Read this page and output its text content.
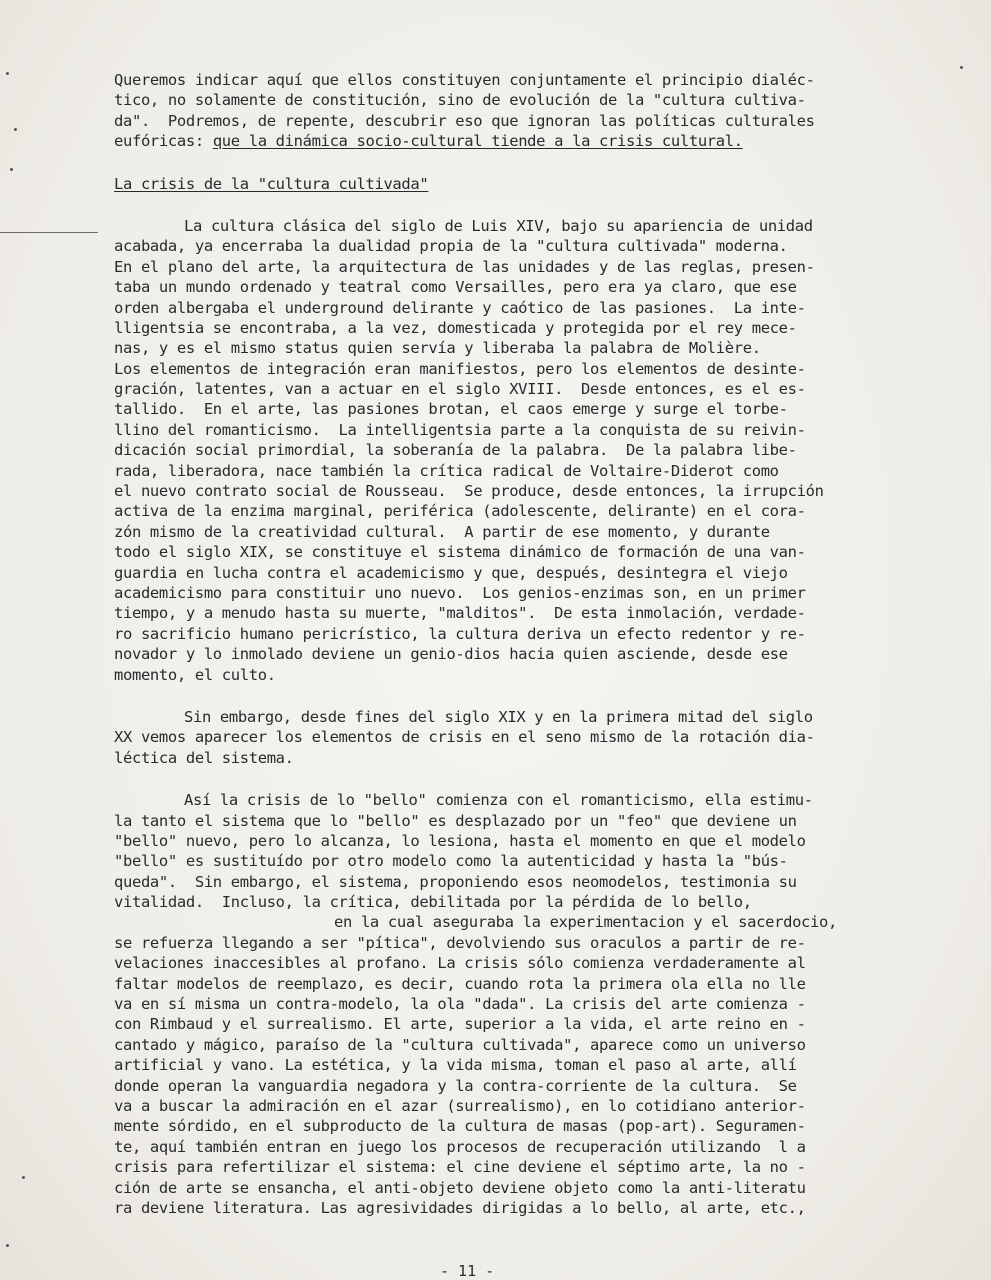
Queremos indicar aquí que ellos constituyen conjuntamente el principio dialéc-
tico, no solamente de constitución, sino de evolución de la "cultura cultiva-
da".  Podremos, de repente, descubrir eso que ignoran las políticas culturales
eufóricas: que la dinámica socio-cultural tiende a la crisis cultural.
La crisis de la "cultura cultivada"
La cultura clásica del siglo de Luis XIV, bajo su apariencia de unidad
acabada, ya encerraba la dualidad propia de la "cultura cultivada" moderna.
En el plano del arte, la arquitectura de las unidades y de las reglas, presen-
taba un mundo ordenado y teatral como Versailles, pero era ya claro, que ese
orden albergaba el underground delirante y caótico de las pasiones.  La inte-
lligentsia se encontraba, a la vez, domesticada y protegida por el rey mece-
nas, y es el mismo status quien servía y liberaba la palabra de Molière.
Los elementos de integración eran manifiestos, pero los elementos de desinte-
gración, latentes, van a actuar en el siglo XVIII.  Desde entonces, es el es-
tallido.  En el arte, las pasiones brotan, el caos emerge y surge el torbe-
llino del romanticismo.  La intelligentsia parte a la conquista de su reivin-
dicación social primordial, la soberanía de la palabra.  De la palabra libe-
rada, liberadora, nace también la crítica radical de Voltaire-Diderot como
el nuevo contrato social de Rousseau.  Se produce, desde entonces, la irrupción
activa de la enzima marginal, periférica (adolescente, delirante) en el cora-
zón mismo de la creatividad cultural.  A partir de ese momento, y durante
todo el siglo XIX, se constituye el sistema dinámico de formación de una van-
guardia en lucha contra el academicismo y que, después, desintegra el viejo
academicismo para constituir uno nuevo.  Los genios-enzimas son, en un primer
tiempo, y a menudo hasta su muerte, "malditos".  De esta inmolación, verdade-
ro sacrificio humano pericrístico, la cultura deriva un efecto redentor y re-
novador y lo inmolado deviene un genio-dios hacia quien asciende, desde ese
momento, el culto.
Sin embargo, desde fines del siglo XIX y en la primera mitad del siglo
XX vemos aparecer los elementos de crisis en el seno mismo de la rotación dia-
léctica del sistema.
Así la crisis de lo "bello" comienza con el romanticismo, ella estimu-
la tanto el sistema que lo "bello" es desplazado por un "feo" que deviene un
"bello" nuevo, pero lo alcanza, lo lesiona, hasta el momento en que el modelo
"bello" es sustituído por otro modelo como la autenticidad y hasta la "bús-
queda".  Sin embargo, el sistema, proponiendo esos neomodelos, testimonia su
vitalidad.  Incluso, la crítica, debilitada por la pérdida de lo bello,
en la cual aseguraba la experimentacion y el sacerdocio,
se refuerza llegando a ser "pítica", devolviendo sus oraculos a partir de re-
velaciones inaccesibles al profano. La crisis sólo comienza verdaderamente al
faltar modelos de reemplazo, es decir, cuando rota la primera ola ella no lle
va en sí misma un contra-modelo, la ola "dada". La crisis del arte comienza -
con Rimbaud y el surrealismo. El arte, superior a la vida, el arte reino en -
cantado y mágico, paraíso de la "cultura cultivada", aparece como un universo
artificial y vano. La estética, y la vida misma, toman el paso al arte, allí
donde operan la vanguardia negadora y la contra-corriente de la cultura.  Se
va a buscar la admiración en el azar (surrealismo), en lo cotidiano anterior-
mente sórdido, en el subproducto de la cultura de masas (pop-art). Seguramen-
te, aquí también entran en juego los procesos de recuperación utilizando  l a
crisis para refertilizar el sistema: el cine deviene el séptimo arte, la no -
ción de arte se ensancha, el anti-objeto deviene objeto como la anti-literatu
ra deviene literatura. Las agresividades dirigidas a lo bello, al arte, etc.,
- 11 -
